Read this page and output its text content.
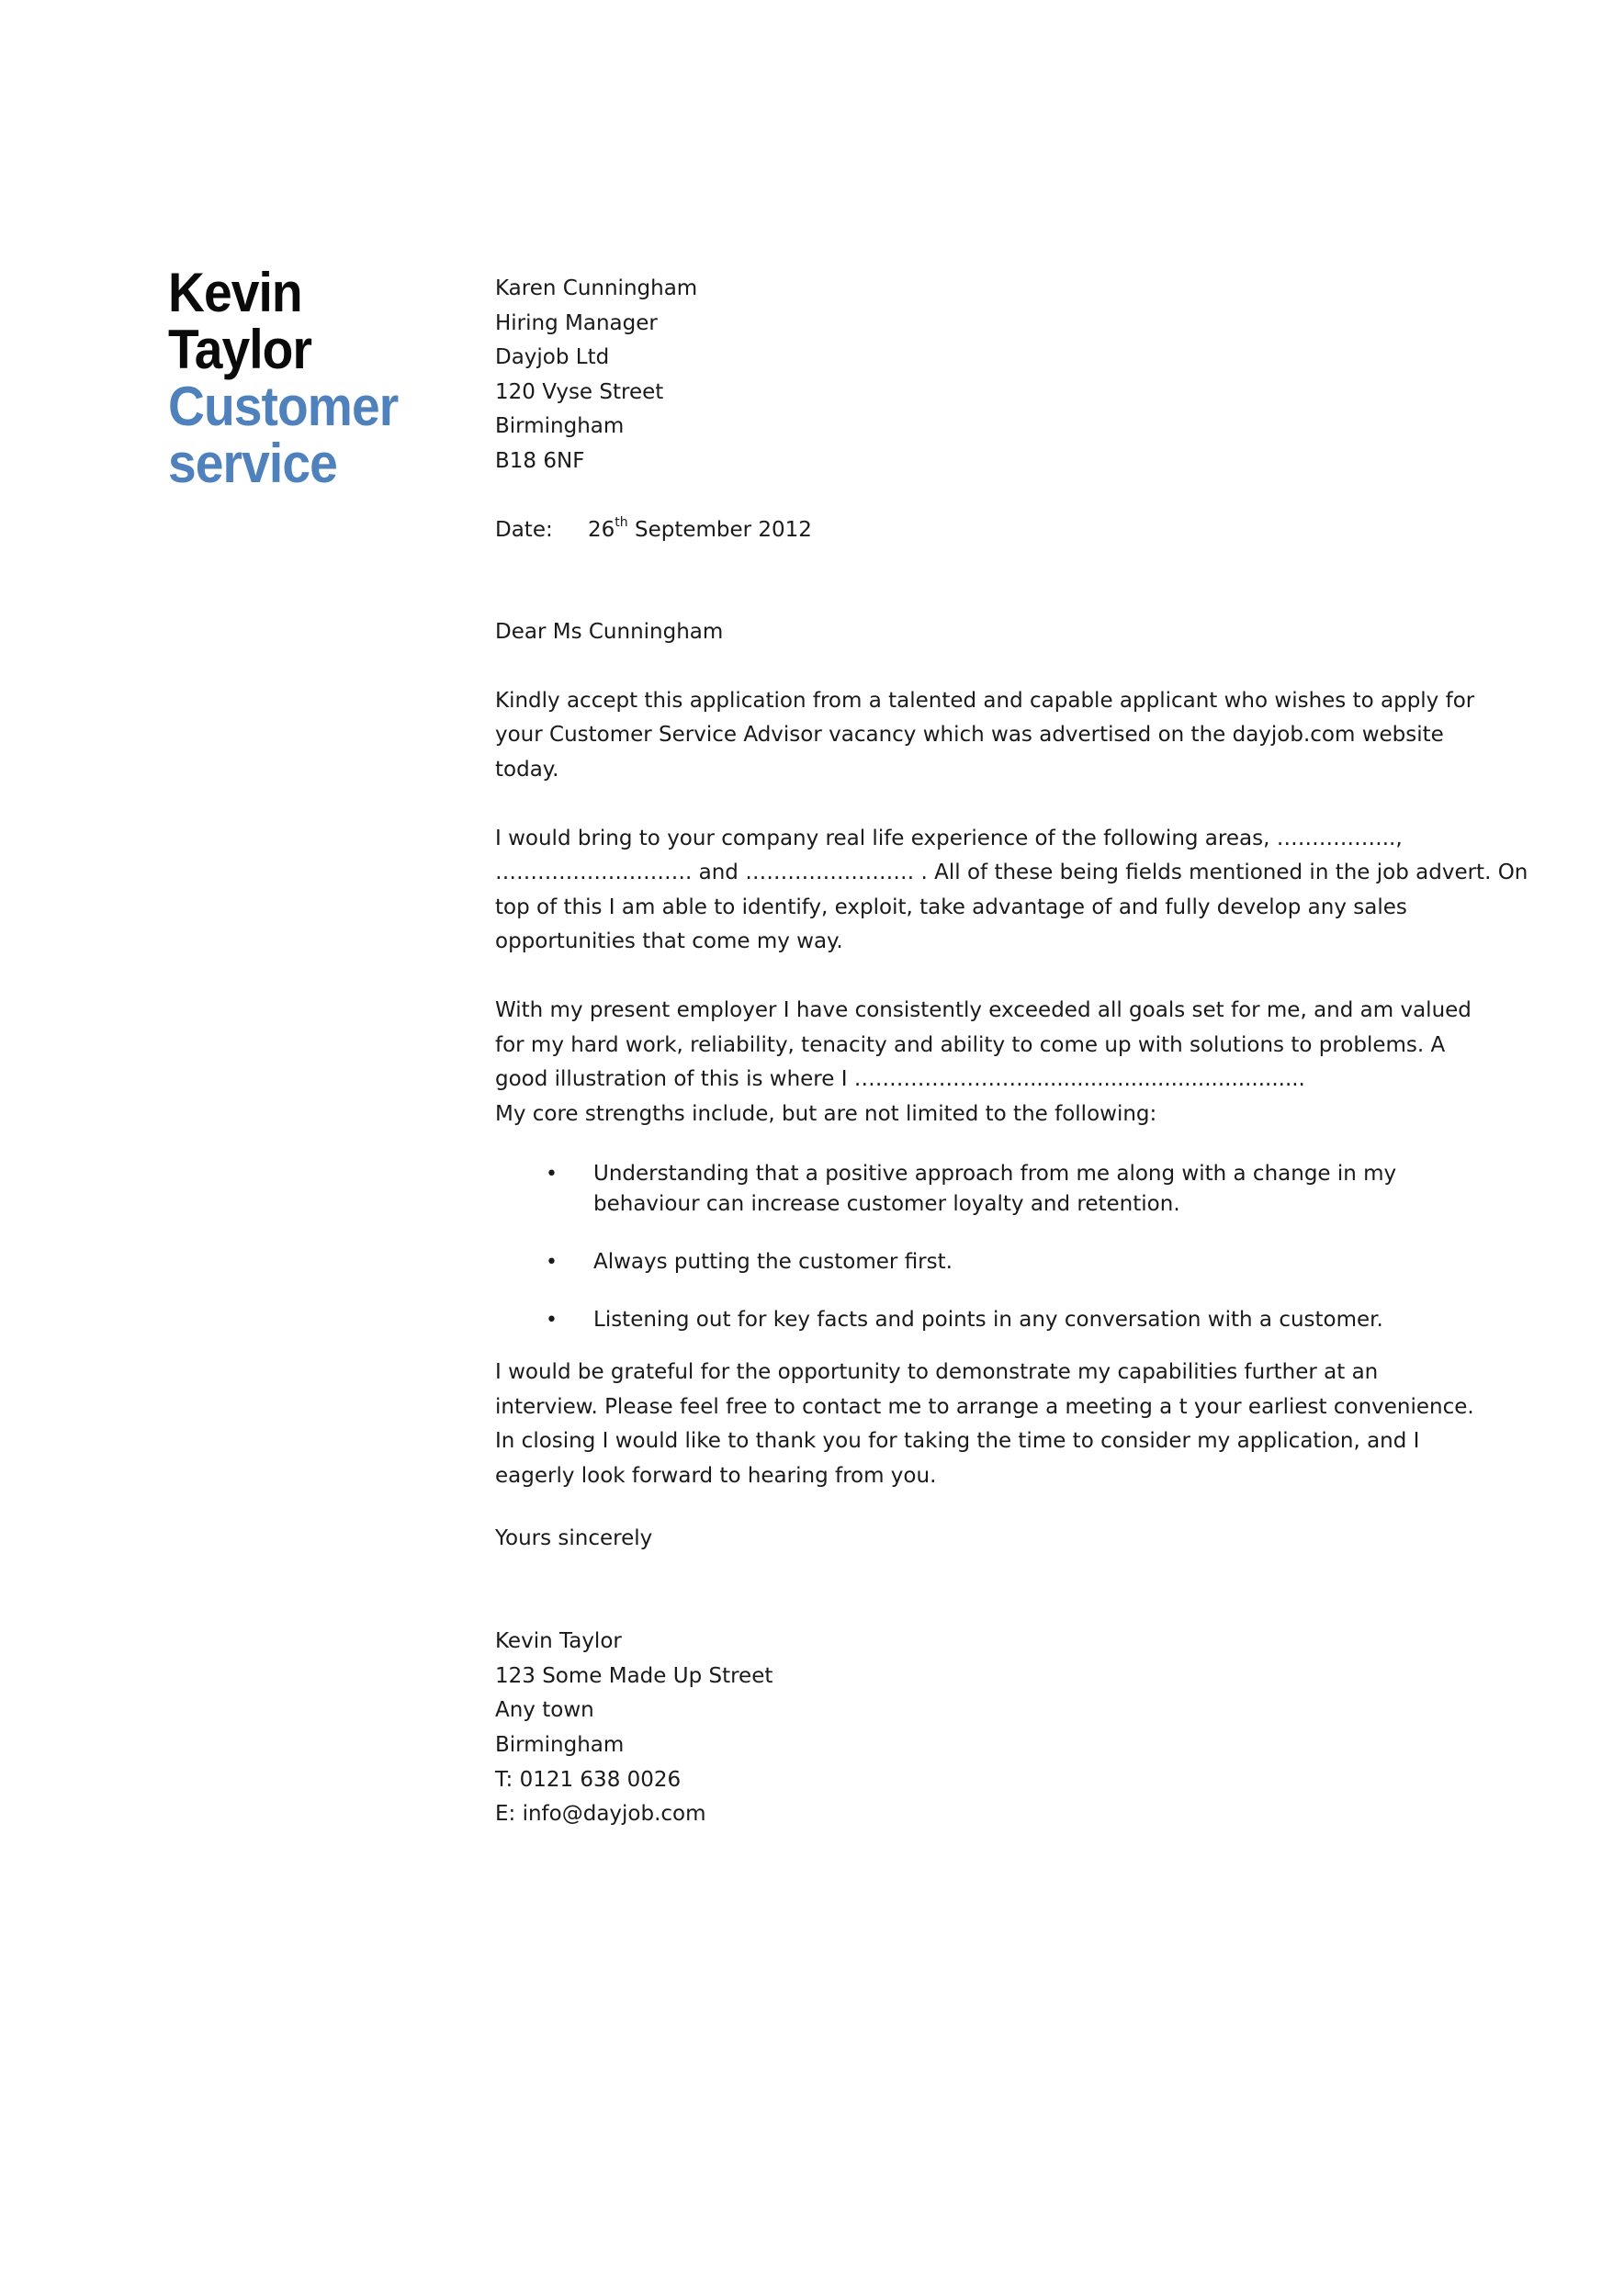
Kevin
Taylor
Customer
service
Karen Cunningham
Hiring Manager
Dayjob Ltd
120 Vyse Street
Birmingham
B18 6NF
Date: 26th September 2012
Dear Ms Cunningham
Kindly accept this application from a talented and capable applicant who wishes to apply for
your Customer Service Advisor vacancy which was advertised on the dayjob.com website
today.
I would bring to your company real life experience of the following areas, ……………..,
………………………. and …………………… . All of these being fields mentioned in the job advert. On
top of this I am able to identify, exploit, take advantage of and fully develop any sales
opportunities that come my way.
With my present employer I have consistently exceeded all goals set for me, and am valued
for my hard work, reliability, tenacity and ability to come up with solutions to problems. A
good illustration of this is where I ……………………..........................................
My core strengths include, but are not limited to the following:
• Understanding that a positive approach from me along with a change in my
behaviour can increase customer loyalty and retention.
• Always putting the customer first.
• Listening out for key facts and points in any conversation with a customer.
I would be grateful for the opportunity to demonstrate my capabilities further at an
interview. Please feel free to contact me to arrange a meeting a t your earliest convenience.
In closing I would like to thank you for taking the time to consider my application, and I
eagerly look forward to hearing from you.
Yours sincerely
Kevin Taylor
123 Some Made Up Street
Any town
Birmingham
T: 0121 638 0026
E: info@dayjob.com
